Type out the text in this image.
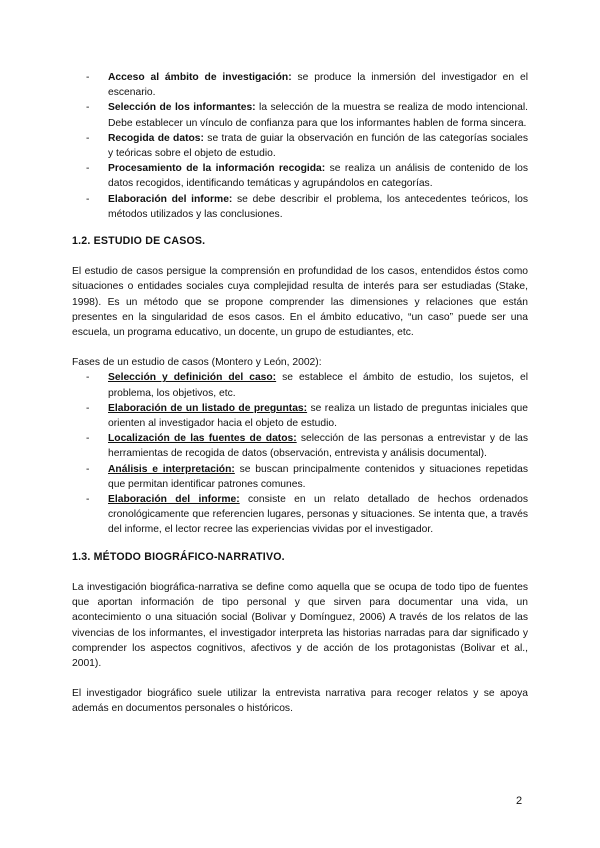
- Acceso al ámbito de investigación: se produce la inmersión del investigador en el escenario.
- Selección de los informantes: la selección de la muestra se realiza de modo intencional. Debe establecer un vínculo de confianza para que los informantes hablen de forma sincera.
- Recogida de datos: se trata de guiar la observación en función de las categorías sociales y teóricas sobre el objeto de estudio.
- Procesamiento de la información recogida: se realiza un análisis de contenido de los datos recogidos, identificando temáticas y agrupándolos en categorías.
- Elaboración del informe: se debe describir el problema, los antecedentes teóricos, los métodos utilizados y las conclusiones.
1.2. ESTUDIO DE CASOS.

El estudio de casos persigue la comprensión en profundidad de los casos, entendidos éstos como situaciones o entidades sociales cuya complejidad resulta de interés para ser estudiadas (Stake, 1998). Es un método que se propone comprender las dimensiones y relaciones que están presentes en la singularidad de esos casos. En el ámbito educativo, “un caso” puede ser una escuela, un programa educativo, un docente, un grupo de estudiantes, etc.

Fases de un estudio de casos (Montero y León, 2002):

- Selección y definición del caso: se establece el ámbito de estudio, los sujetos, el problema, los objetivos, etc.
- Elaboración de un listado de preguntas: se realiza un listado de preguntas iniciales que orienten al investigador hacia el objeto de estudio.
- Localización de las fuentes de datos: selección de las personas a entrevistar y de las herramientas de recogida de datos (observación, entrevista y análisis documental).
- Análisis e interpretación: se buscan principalmente contenidos y situaciones repetidas que permitan identificar patrones comunes.
- Elaboración del informe: consiste en un relato detallado de hechos ordenados cronológicamente que referencien lugares, personas y situaciones. Se intenta que, a través del informe, el lector recree las experiencias vividas por el investigador.
1.3. MÉTODO BIOGRÁFICO-NARRATIVO.

La investigación biográfica-narrativa se define como aquella que se ocupa de todo tipo de fuentes que aportan información de tipo personal y que sirven para documentar una vida, un acontecimiento o una situación social (Bolivar y Domínguez, 2006) A través de los relatos de las vivencias de los informantes, el investigador interpreta las historias narradas para dar significado y comprender los aspectos cognitivos, afectivos y de acción de los protagonistas (Bolivar et al., 2001).

El investigador biográfico suele utilizar la entrevista narrativa para recoger relatos y se apoya además en documentos personales o históricos.

2
